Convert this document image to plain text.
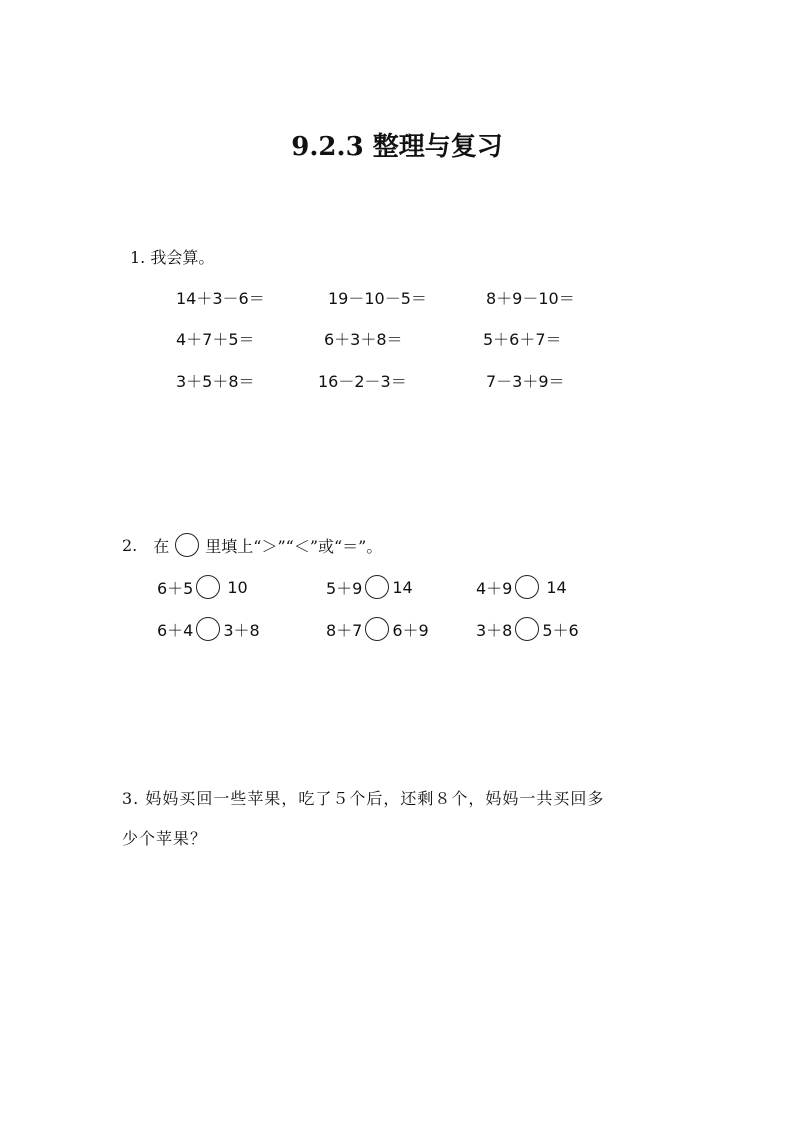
9.2.3 整理与复习
1. 我会算。
14＋3－6＝	19－10－5＝	8＋9－10＝
4＋7＋5＝	6＋3＋8＝	5＋6＋7＝
3＋5＋8＝	16－2－3＝	7－3＋9＝
2. 在 里填上“＞”“＜”或“＝”。
6＋5 10	5＋9 14	4＋9 14
6＋4 3＋8	8＋7 6＋9	3＋8 5＋6
3. 妈妈买回一些苹果，吃了５个后，还剩８个，妈妈一共买回多
少个苹果？
